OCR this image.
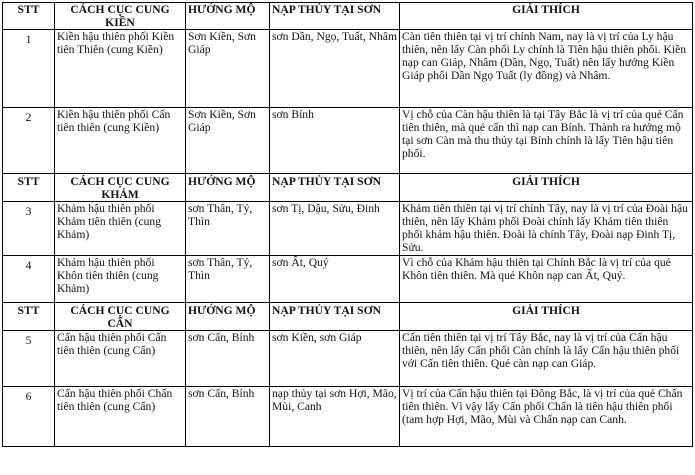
STT	CÁCH CỤC CUNG KIỀN	HƯỚNG MỘ	NẠP THỦY TẠI SƠN	GIẢI THÍCH
1	Kiền hậu thiên phối Kiền tiên Thiên (cung Kiền)	Sơn Kiền, Sơn Giáp	sơn Dần, Ngọ, Tuất, Nhâm	Càn tiên thiên tại vị trí chính Nam, nay là vị trí của Ly hậu thiên, nên lấy Càn phối Ly chính là Tiên hậu thiên phối. Kiền nạp can Giáp, Nhâm (Dần, Ngọ, Tuất) nên lấy hướng Kiền Giáp phối Dần Ngọ Tuất (ly đồng) và Nhâm.
2	Kiền hậu thiên phối Cấn tiên thiên (cung Kiền)	Sơn Kiền, Sơn Giáp	sơn Bính	Vị chỗ của Càn hậu thiên là tại Tây Bắc là vị trí của quẻ Cấn tiên thiên, mà quẻ cấn thì nạp can Bính. Thành ra hướng mộ tại sơn Càn mà thu thủy tại Bính chính là lấy Tiên hậu tiên phối.
STT	CÁCH CỤC CUNG KHẢM	HƯỚNG MỘ	NẠP THỦY TẠI SƠN	GIẢI THÍCH
3	Khảm hậu thiên phối Khảm tiên thiên (cung Khảm)	sơn Thân, Tý, Thìn	sơn Tị, Dậu, Sửu, Đinh	Khảm tiên thiên tại vị trí chính Tây, nay là vị trí của Đoài hậu thiên, nên lấy Khảm phối Đoài chính lấy Khảm tiên thiên phối khảm hậu thiên. Đoài là chính Tây, Đoài nạp Đinh Tị, Sửu.
4	Khảm hậu thiên phối Khôn tiên thiên (cung Khảm)	sơn Thân, Tý, Thìn	sơn Ất, Quý	Vì chỗ của Khảm hậu thiên tại Chính Bắc là vị trí của quẻ Khôn tiên thiên. Mà quẻ Khôn nạp can Ất, Quý.
STT	CÁCH CỤC CUNG CẤN	HƯỚNG MỘ	NẠP THỦY TẠI SƠN	GIẢI THÍCH
5	Cấn hậu thiên phối Cấn tiên thiên (cung Cấn)	sơn Cấn, Bính	sơn Kiền, sơn Giáp	Cấn tiên thiên tại vị trí Tây Bắc, nay là vị trí của Cấn hậu thiên, nên lấy Cấn phối Càn chính là lấy Cấn hậu thiên phối với Cấn tiên thiên. Quẻ càn nạp can Giáp.
6	Cấn hậu thiên phối Chấn tiên thiên (cung Cấn)	sơn Cấn, Bính	nạp thủy tại sơn Hợi, Mão, Mùi, Canh	Vị trí của Cấn hậu thiên tại Đông Bắc, là vị trí của quẻ Chấn tiên thiên. Vì vậy lấy Cấn phối Chấn là tiên hậu thiên phối (tam hợp Hợi, Mão, Mùi và Chấn nạp can Canh.
